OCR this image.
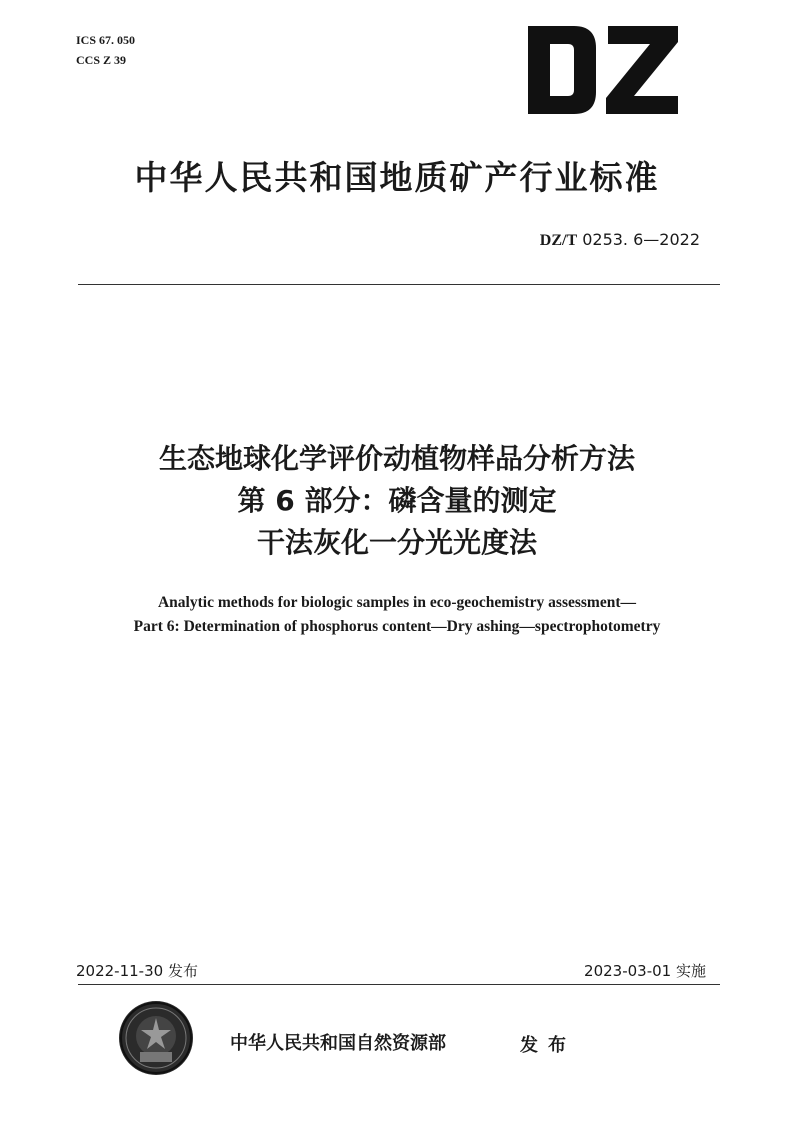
ICS 67. 050
CCS Z 39
中华人民共和国地质矿产行业标准
DZ/T 0253. 6—2022
生态地球化学评价动植物样品分析方法
第 6 部分：磷含量的测定
干法灰化一分光光度法
Analytic methods for biologic samples in eco-geochemistry assessment—
Part 6: Determination of phosphorus content—Dry ashing—spectrophotometry
2022-11-30 发布	2023-03-01 实施
中华人民共和国自然资源部	发布
